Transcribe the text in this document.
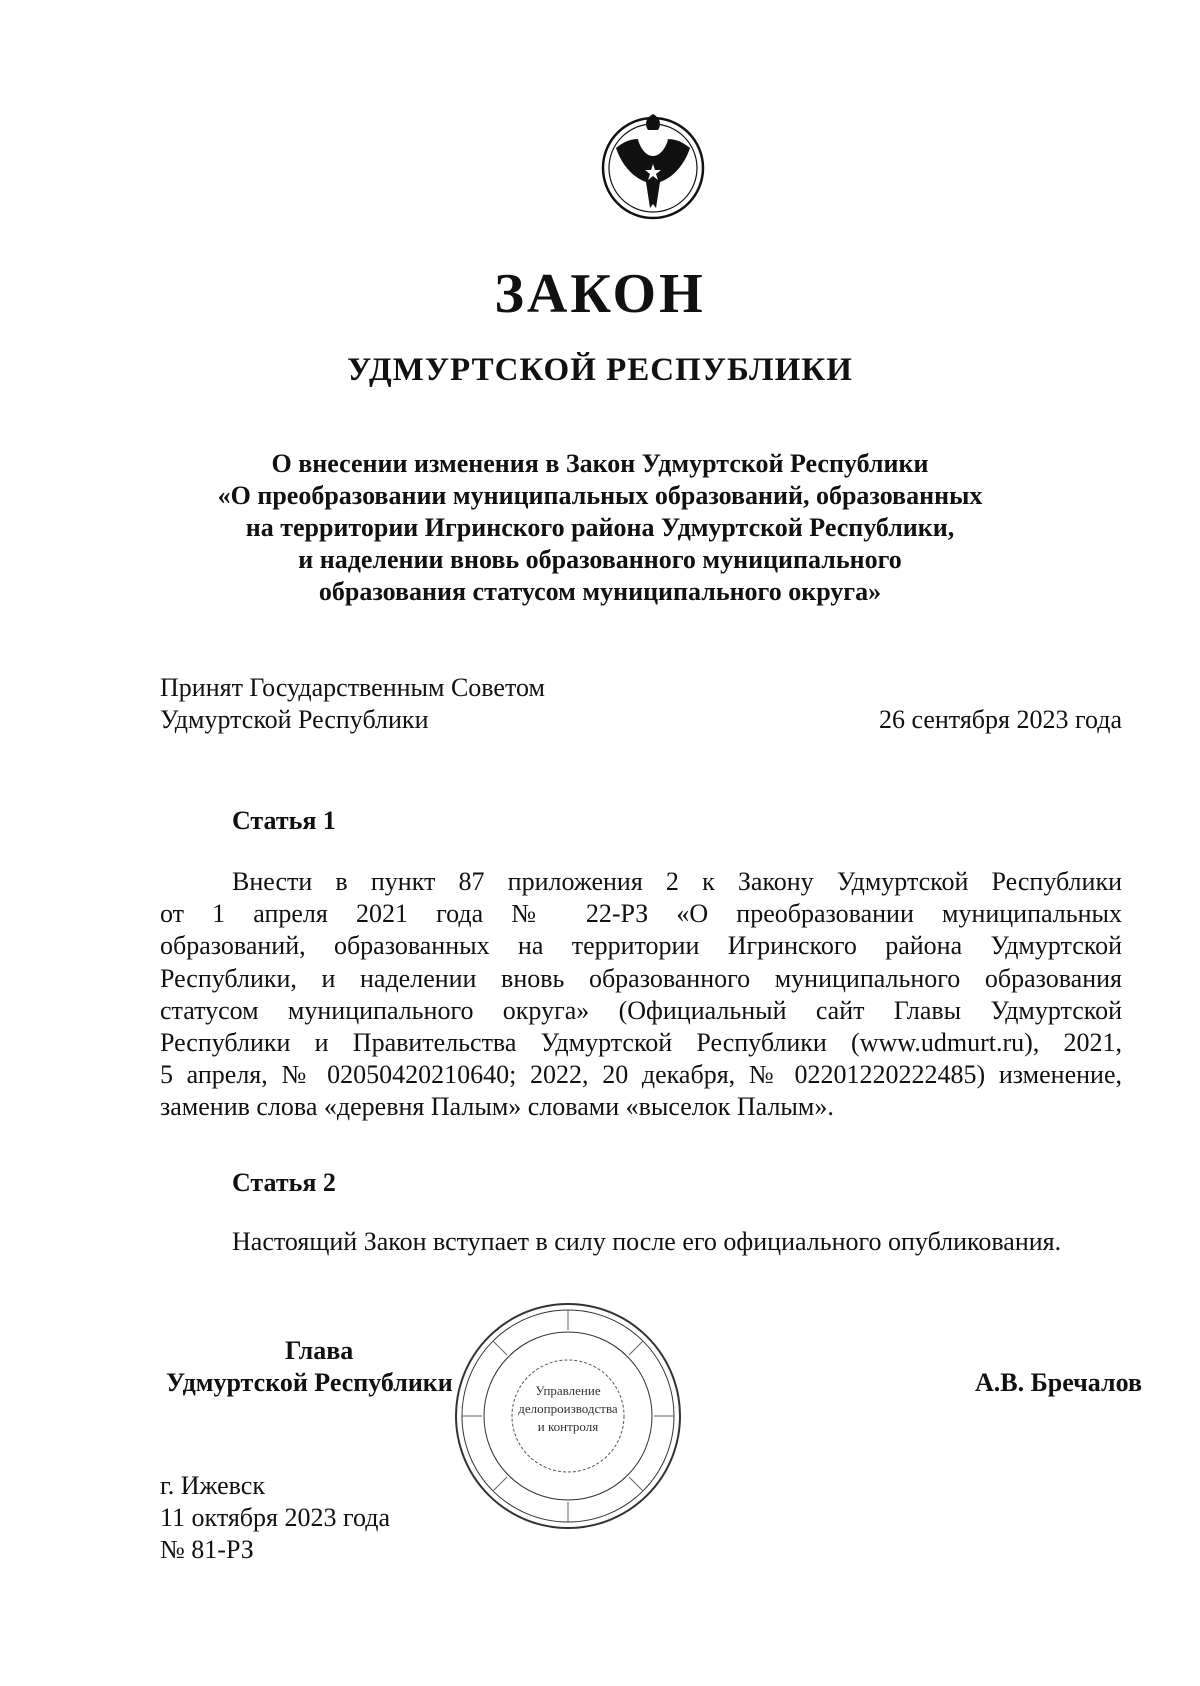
ЗАКОН
УДМУРТСКОЙ РЕСПУБЛИКИ
О внесении изменения в Закон Удмуртской Республики
«О преобразовании муниципальных образований, образованных
на территории Игринского района Удмуртской Республики,
и наделении вновь образованного муниципального
образования статусом муниципального округа»
Принят Государственным Советом
Удмуртской Республики	26 сентября 2023 года
Статья 1
Внести в пункт 87 приложения 2 к Закону Удмуртской Республики
от 1 апреля 2021 года № 22-РЗ «О преобразовании муниципальных
образований, образованных на территории Игринского района Удмуртской
Республики, и наделении вновь образованного муниципального образования
статусом муниципального округа» (Официальный сайт Главы Удмуртской
Республики и Правительства Удмуртской Республики (www.udmurt.ru), 2021,
5 апреля, № 02050420210640; 2022, 20 декабря, № 02201220222485) изменение,
заменив слова «деревня Палым» словами «выселок Палым».
Статья 2
Настоящий Закон вступает в силу после его официального опубликования.
Управление
делопроизводства
и контроля
Глава
Удмуртской Республики	А.В. Бречалов
г. Ижевск
11 октября 2023 года
№ 81-РЗ
